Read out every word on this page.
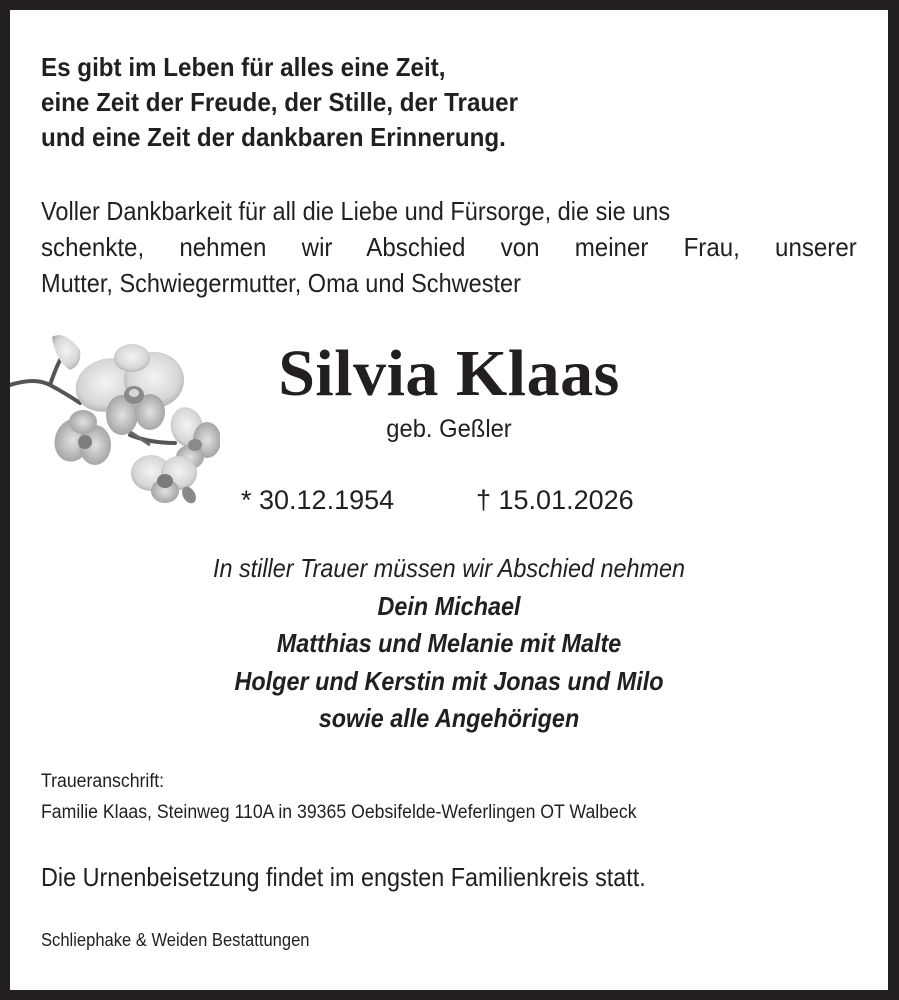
Es gibt im Leben für alles eine Zeit,
eine Zeit der Freude, der Stille, der Trauer
und eine Zeit der dankbaren Erinnerung.
Voller Dankbarkeit für all die Liebe und Fürsorge, die sie uns
schenkte, nehmen wir Abschied von meiner Frau, unserer
Mutter, Schwiegermutter, Oma und Schwester
Silvia Klaas
geb. Geßler
* 30.12.1954	† 15.01.2026
In stiller Trauer müssen wir Abschied nehmen
Dein Michael
Matthias und Melanie mit Malte
Holger und Kerstin mit Jonas und Milo
sowie alle Angehörigen
Traueranschrift:
Familie Klaas, Steinweg 110A in 39365 Oebsifelde-Weferlingen OT Walbeck
Die Urnenbeisetzung findet im engsten Familienkreis statt.
Schliephake & Weiden Bestattungen
